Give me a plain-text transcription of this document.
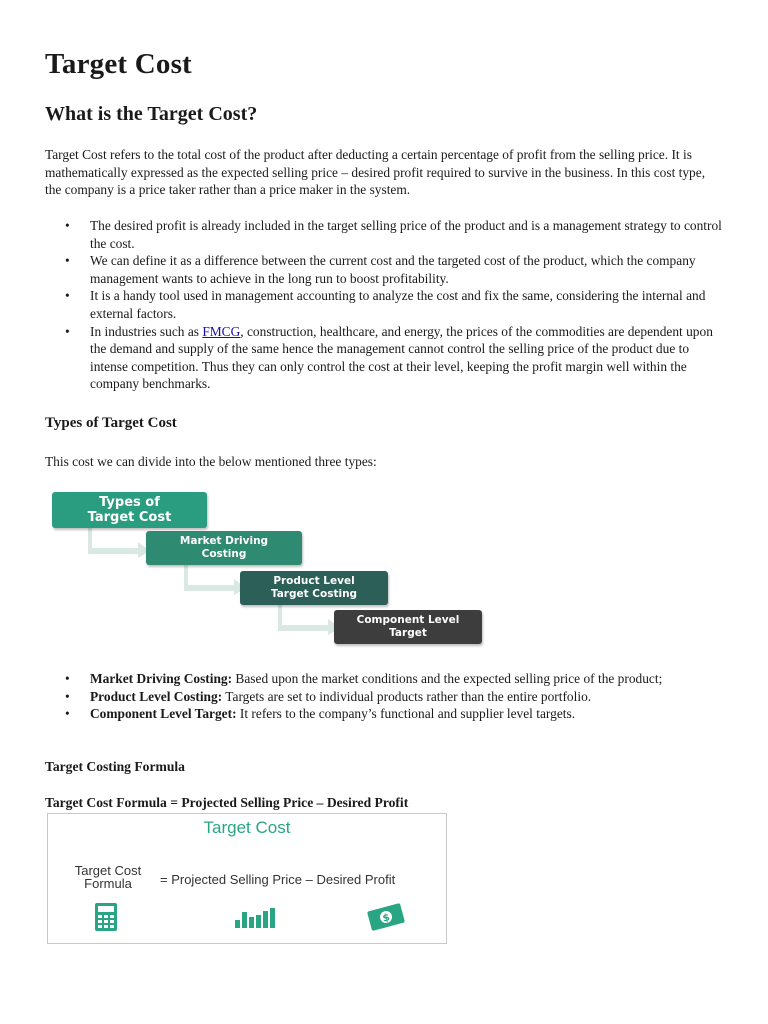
Target Cost
What is the Target Cost?

Target Cost refers to the total cost of the product after deducting a certain percentage of profit from the selling price. It is mathematically expressed as the expected selling price – desired profit required to survive in the business. In this cost type, the company is a price taker rather than a price maker in the system.

• The desired profit is already included in the target selling price of the product and is a management strategy to control the cost.
• We can define it as a difference between the current cost and the targeted cost of the product, which the company management wants to achieve in the long run to boost profitability.
• It is a handy tool used in management accounting to analyze the cost and fix the same, considering the internal and external factors.
• In industries such as FMCG, construction, healthcare, and energy, the prices of the commodities are dependent upon the demand and supply of the same hence the management cannot control the selling price of the product due to intense competition. Thus they can only control the cost at their level, keeping the profit margin well within the company benchmarks.
Types of Target Cost

This cost we can divide into the below mentioned three types:

• Market Driving Costing: Based upon the market conditions and the expected selling price of the product;
• Product Level Costing: Targets are set to individual products rather than the entire portfolio.
• Component Level Target: It refers to the company’s functional and supplier level targets.
Target Costing Formula

Target Cost Formula = Projected Selling Price – Desired Profit

Types of
Target Cost
Market Driving
Costing
Product Level
Target Costing
Component Level
Target
Target Cost
Target Cost
Formula	= Projected Selling Price – Desired Profit
$
